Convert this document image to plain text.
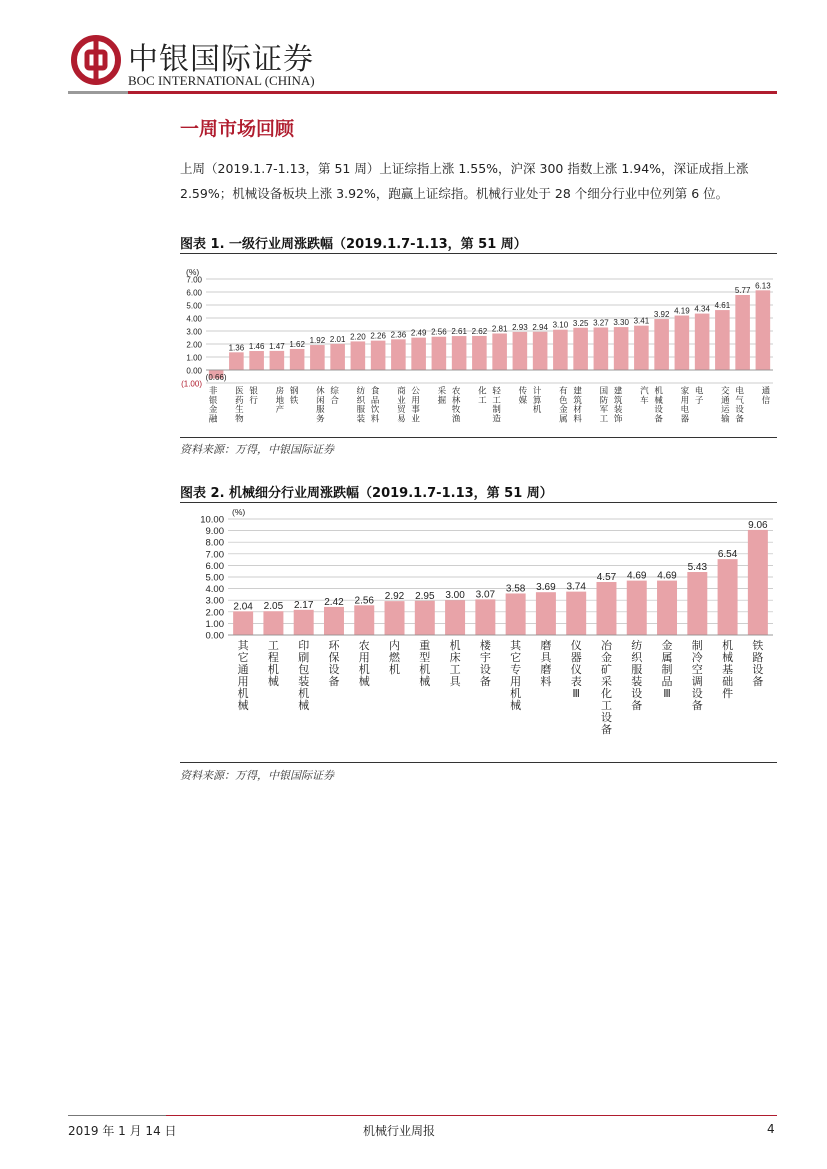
中银国际证券
BOC INTERNATIONAL (CHINA)
一周市场回顾
上周（2019.1.7-1.13，第 51 周）上证综指上涨 1.55%，沪深 300 指数上涨 1.94%，深证成指上涨 2.59%；机械设备板块上涨 3.92%，跑赢上证综指。机械行业处于 28 个细分行业中位列第 6 位。
图表 1. 一级行业周涨跌幅（2019.1.7-1.13，第 51 周）
(%)
(1.00)
0.00
1.00
2.00
3.00
4.00
5.00
6.00
7.00
(0.66)
非
银
金
融
1.36
医
药
生
物
1.46
银
行
1.47
房
地
产
1.62
钢
铁
1.92
休
闲
服
务
2.01
综
合
2.20
纺
织
服
装
2.26
食
品
饮
料
2.36
商
业
贸
易
2.49
公
用
事
业
2.56
采
掘
2.61
农
林
牧
渔
2.62
化
工
2.81
轻
工
制
造
2.93
传
媒
2.94
计
算
机
3.10
有
色
金
属
3.25
建
筑
材
料
3.27
国
防
军
工
3.30
建
筑
装
饰
3.41
汽
车
3.92
机
械
设
备
4.19
家
用
电
器
4.34
电
子
4.61
交
通
运
输
5.77
电
气
设
备
6.13
通
信
资料来源：万得，中银国际证券
图表 2. 机械细分行业周涨跌幅（2019.1.7-1.13，第 51 周）
(%)
0.00
1.00
2.00
3.00
4.00
5.00
6.00
7.00
8.00
9.00
10.00
2.04
其
它
通
用
机
械
2.05
工
程
机
械
2.17
印
刷
包
装
机
械
2.42
环
保
设
备
2.56
农
用
机
械
2.92
内
燃
机
2.95
重
型
机
械
3.00
机
床
工
具
3.07
楼
宇
设
备
3.58
其
它
专
用
机
械
3.69
磨
具
磨
料
3.74
仪
器
仪
表
Ⅲ
4.57
冶
金
矿
采
化
工
设
备
4.69
纺
织
服
装
设
备
4.69
金
属
制
品
Ⅲ
5.43
制
冷
空
调
设
备
6.54
机
械
基
础
件
9.06
铁
路
设
备
资料来源：万得，中银国际证券
2019 年 1 月 14 日	机械行业周报	4
